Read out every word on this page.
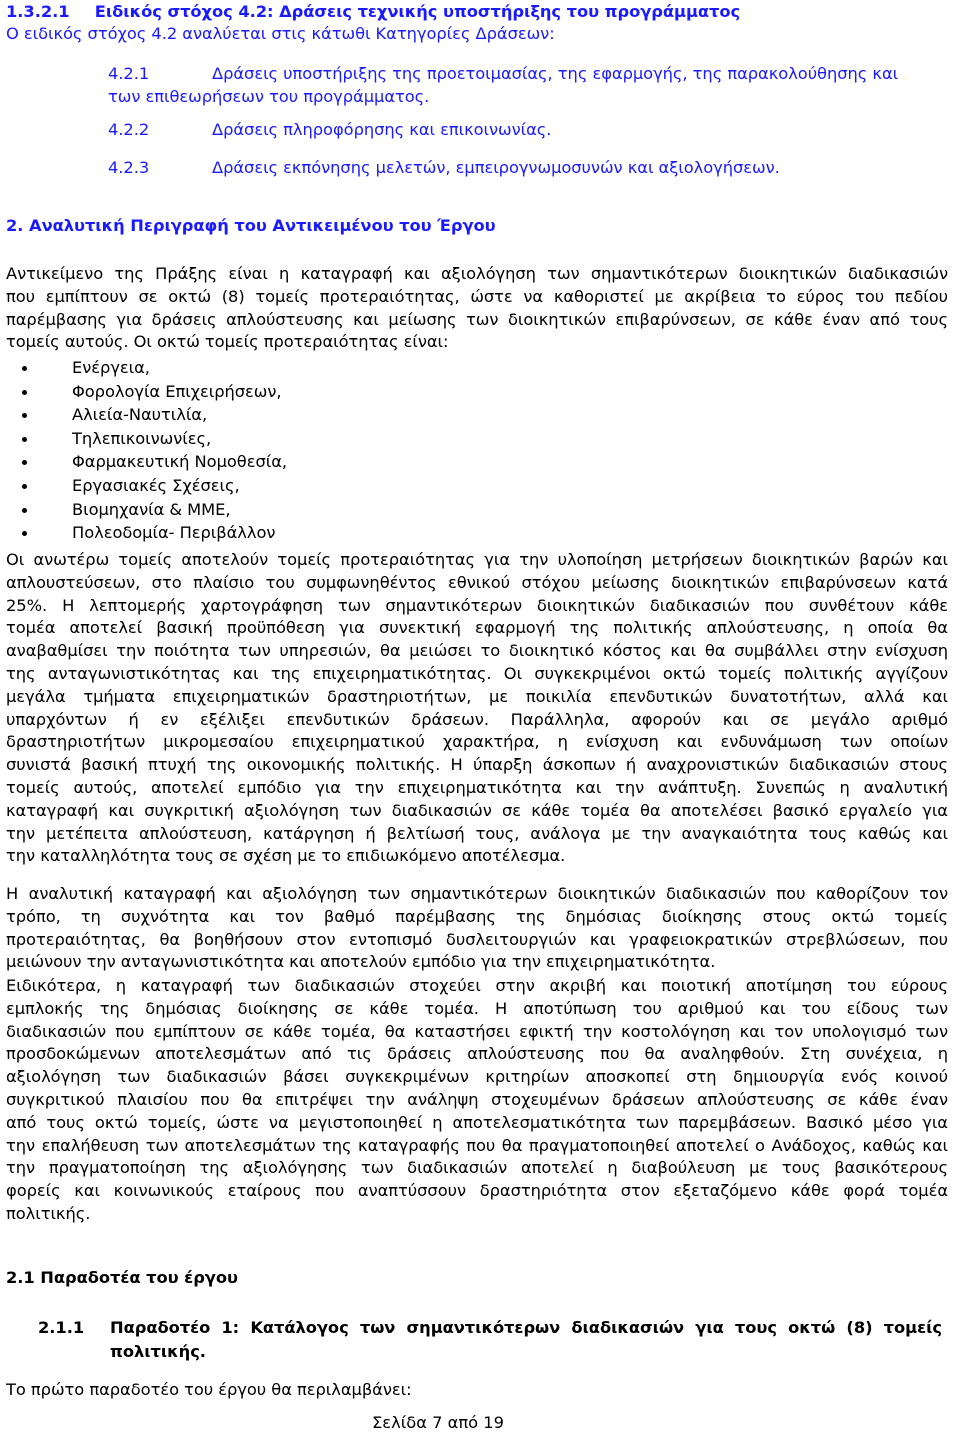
1.3.2.1 Ειδικός στόχος 4.2: Δράσεις τεχνικής υποστήριξης του προγράμματος
Ο ειδικός στόχος 4.2 αναλύεται στις κάτωθι Κατηγορίες Δράσεων:
4.2.1	Δράσεις υποστήριξης της προετοιμασίας, της εφαρμογής, της παρακολούθησης και
των επιθεωρήσεων του προγράμματος.
4.2.2	Δράσεις πληροφόρησης και επικοινωνίας.
4.2.3	Δράσεις εκπόνησης μελετών, εμπειρογνωμοσυνών και αξιολογήσεων.
2. Αναλυτική Περιγραφή του Αντικειμένου του Έργου
Αντικείμενο της Πράξης είναι η καταγραφή και αξιολόγηση των σημαντικότερων διοικητικών διαδικασιών
που εμπίπτουν σε οκτώ (8) τομείς προτεραιότητας, ώστε να καθοριστεί με ακρίβεια το εύρος του πεδίου
παρέμβασης για δράσεις απλούστευσης και μείωσης των διοικητικών επιβαρύνσεων, σε κάθε έναν από τους
τομείς αυτούς. Οι οκτώ τομείς προτεραιότητας είναι:
Ενέργεια,
Φορολογία Επιχειρήσεων,
Αλιεία-Ναυτιλία,
Τηλεπικοινωνίες,
Φαρμακευτική Νομοθεσία,
Εργασιακές Σχέσεις,
Βιομηχανία & ΜΜΕ,
Πολεοδομία- Περιβάλλον
Οι ανωτέρω τομείς αποτελούν τομείς προτεραιότητας για την υλοποίηση μετρήσεων διοικητικών βαρών και
απλουστεύσεων, στο πλαίσιο του συμφωνηθέντος εθνικού στόχου μείωσης διοικητικών επιβαρύνσεων κατά
25%. Η λεπτομερής χαρτογράφηση των σημαντικότερων διοικητικών διαδικασιών που συνθέτουν κάθε
τομέα αποτελεί βασική προϋπόθεση για συνεκτική εφαρμογή της πολιτικής απλούστευσης, η οποία θα
αναβαθμίσει την ποιότητα των υπηρεσιών, θα μειώσει το διοικητικό κόστος και θα συμβάλλει στην ενίσχυση
της ανταγωνιστικότητας και της επιχειρηματικότητας. Οι συγκεκριμένοι οκτώ τομείς πολιτικής αγγίζουν
μεγάλα τμήματα επιχειρηματικών δραστηριοτήτων, με ποικιλία επενδυτικών δυνατοτήτων, αλλά και
υπαρχόντων ή εν εξέλιξει επενδυτικών δράσεων. Παράλληλα, αφορούν και σε μεγάλο αριθμό
δραστηριοτήτων μικρομεσαίου επιχειρηματικού χαρακτήρα, η ενίσχυση και ενδυνάμωση των οποίων
συνιστά βασική πτυχή της οικονομικής πολιτικής. Η ύπαρξη άσκοπων ή αναχρονιστικών διαδικασιών στους
τομείς αυτούς, αποτελεί εμπόδιο για την επιχειρηματικότητα και την ανάπτυξη. Συνεπώς η αναλυτική
καταγραφή και συγκριτική αξιολόγηση των διαδικασιών σε κάθε τομέα θα αποτελέσει βασικό εργαλείο για
την μετέπειτα απλούστευση, κατάργηση ή βελτίωσή τους, ανάλογα με την αναγκαιότητα τους καθώς και
την καταλληλότητα τους σε σχέση με το επιδιωκόμενο αποτέλεσμα.
Η αναλυτική καταγραφή και αξιολόγηση των σημαντικότερων διοικητικών διαδικασιών που καθορίζουν τον
τρόπο, τη συχνότητα και τον βαθμό παρέμβασης της δημόσιας διοίκησης στους οκτώ τομείς
προτεραιότητας, θα βοηθήσουν στον εντοπισμό δυσλειτουργιών και γραφειοκρατικών στρεβλώσεων, που
μειώνουν την ανταγωνιστικότητα και αποτελούν εμπόδιο για την επιχειρηματικότητα.
Ειδικότερα, η καταγραφή των διαδικασιών στοχεύει στην ακριβή και ποιοτική αποτίμηση του εύρους
εμπλοκής της δημόσιας διοίκησης σε κάθε τομέα. Η αποτύπωση του αριθμού και του είδους των
διαδικασιών που εμπίπτουν σε κάθε τομέα, θα καταστήσει εφικτή την κοστολόγηση και τον υπολογισμό των
προσδοκώμενων αποτελεσμάτων από τις δράσεις απλούστευσης που θα αναληφθούν. Στη συνέχεια, η
αξιολόγηση των διαδικασιών βάσει συγκεκριμένων κριτηρίων αποσκοπεί στη δημιουργία ενός κοινού
συγκριτικού πλαισίου που θα επιτρέψει την ανάληψη στοχευμένων δράσεων απλούστευσης σε κάθε έναν
από τους οκτώ τομείς, ώστε να μεγιστοποιηθεί η αποτελεσματικότητα των παρεμβάσεων. Βασικό μέσο για
την επαλήθευση των αποτελεσμάτων της καταγραφής που θα πραγματοποιηθεί αποτελεί ο Ανάδοχος, καθώς και
την πραγματοποίηση της αξιολόγησης των διαδικασιών αποτελεί η διαβούλευση με τους βασικότερους
φορείς και κοινωνικούς εταίρους που αναπτύσσουν δραστηριότητα στον εξεταζόμενο κάθε φορά τομέα
πολιτικής.
2.1 Παραδοτέα του έργου
2.1.1 Παραδοτέο 1: Κατάλογος των σημαντικότερων διαδικασιών για τους οκτώ (8) τομείς
πολιτικής.
Το πρώτο παραδοτέο του έργου θα περιλαμβάνει:
Σελίδα 7 από 19
